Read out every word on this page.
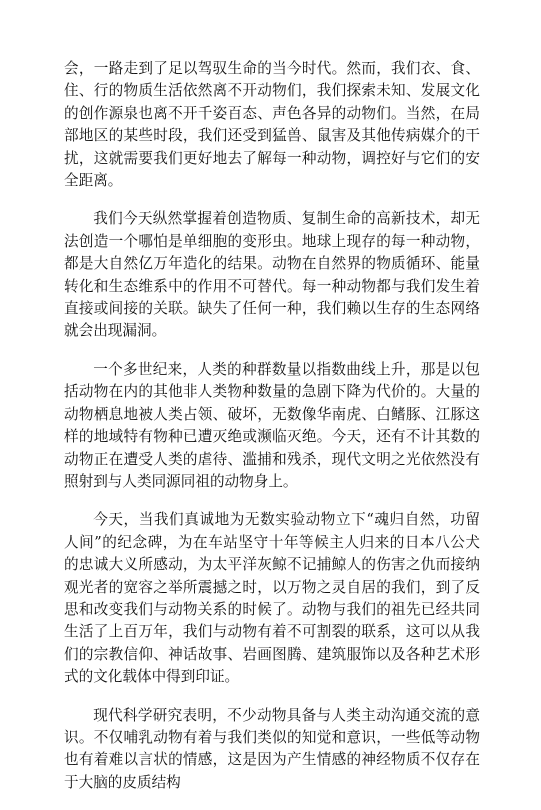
会，一路走到了足以驾驭生命的当今时代。然而，我们衣、食、住、行的物质生活依然离不开动物们，我们探索未知、发展文化的创作源泉也离不开千姿百态、声色各异的动物们。当然，在局部地区的某些时段，我们还受到猛兽、鼠害及其他传病媒介的干扰，这就需要我们更好地去了解每一种动物，调控好与它们的安全距离。

我们今天纵然掌握着创造物质、复制生命的高新技术，却无法创造一个哪怕是单细胞的变形虫。地球上现存的每一种动物，都是大自然亿万年造化的结果。动物在自然界的物质循环、能量转化和生态维系中的作用不可替代。每一种动物都与我们发生着直接或间接的关联。缺失了任何一种，我们赖以生存的生态网络就会出现漏洞。

一个多世纪来，人类的种群数量以指数曲线上升，那是以包括动物在内的其他非人类物种数量的急剧下降为代价的。大量的动物栖息地被人类占领、破坏，无数像华南虎、白鳍豚、江豚这样的地域特有物种已遭灭绝或濒临灭绝。今天，还有不计其数的动物正在遭受人类的虐待、滥捕和残杀，现代文明之光依然没有照射到与人类同源同祖的动物身上。

今天，当我们真诚地为无数实验动物立下“魂归自然，功留人间”的纪念碑，为在车站坚守十年等候主人归来的日本八公犬的忠诚大义所感动，为太平洋灰鲸不记捕鲸人的伤害之仇而接纳观光者的宽容之举所震撼之时，以万物之灵自居的我们，到了反思和改变我们与动物关系的时候了。动物与我们的祖先已经共同生活了上百万年，我们与动物有着不可割裂的联系，这可以从我们的宗教信仰、神话故事、岩画图腾、建筑服饰以及各种艺术形式的文化载体中得到印证。

现代科学研究表明，不少动物具备与人类主动沟通交流的意识。不仅哺乳动物有着与我们类似的知觉和意识，一些低等动物也有着难以言状的情感，这是因为产生情感的神经物质不仅存在于大脑的皮质结构
